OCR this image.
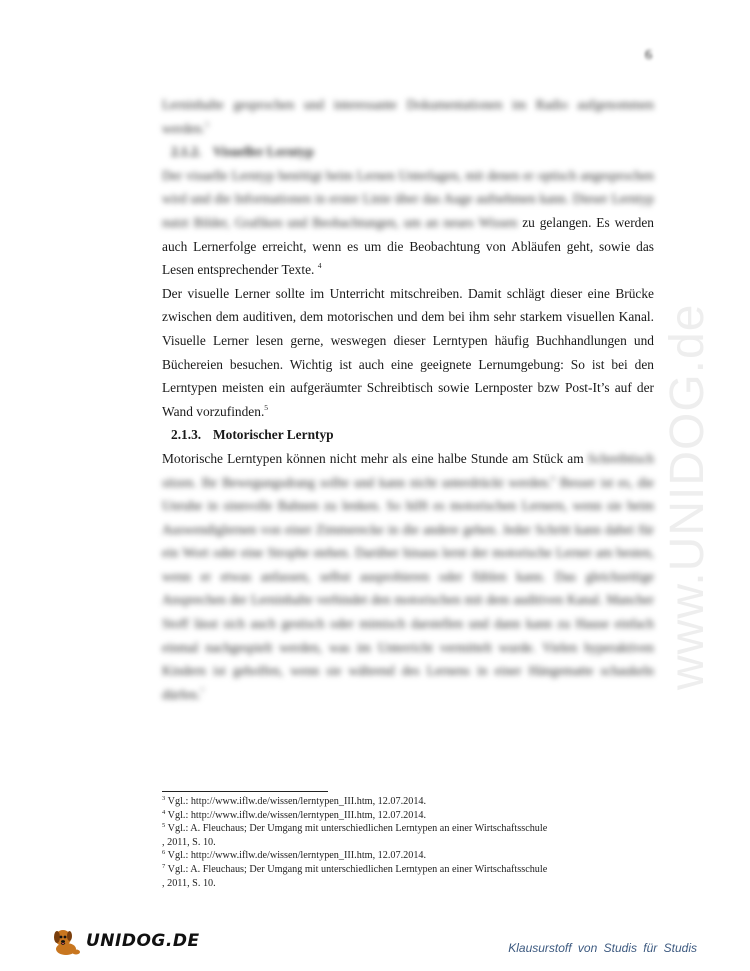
6
www.UNIDOG.de

Lerninhalte gesprochen und interessante Dokumentationen im Radio aufgenommen werden.$^3$

2.1.2. Visueller Lerntyp

Der visuelle Lerntyp benötigt beim Lernen Unterlagen, mit denen er optisch angesprochen wird und die Informationen in erster Linie über das Auge aufnehmen kann. Dieser Lerntyp nutzt Bilder, Grafiken und Beobachtungen, um an neues Wissen zu gelangen. Es werden auch Lernerfolge erreicht, wenn es um die Beobachtung von Abläufen geht, sowie das Lesen entsprechender Texte. $^4$

Der visuelle Lerner sollte im Unterricht mitschreiben. Damit schlägt dieser eine Brücke zwischen dem auditiven, dem motorischen und dem bei ihm sehr starkem visuellen Kanal. Visuelle Lerner lesen gerne, weswegen dieser Lerntypen häufig Buchhandlungen und Büchereien besuchen. Wichtig ist auch eine geeignete Lernumgebung: So ist bei den Lerntypen meisten ein aufgeräumter Schreibtisch sowie Lernposter bzw Post-It’s auf der Wand vorzufinden.$^5$

2.1.3. Motorischer Lerntyp

Motorische Lerntypen können nicht mehr als eine halbe Stunde am Stück am Schreibtisch sitzen. Ihr Bewegungsdrang sollte und kann nicht unterdrückt werden.$^6$ Besser ist es, die Unruhe in sinnvolle Bahnen zu lenken. So hilft es motorischen Lernern, wenn sie beim Auswendiglernen von einer Zimmerecke in die andere gehen. Jeder Schritt kann dabei für ein Wort oder eine Strophe stehen. Darüber hinaus lernt der motorische Lerner am besten, wenn er etwas anfassen, selbst ausprobieren oder fühlen kann. Das gleichzeitige Ansprechen der Lerninhalte verbindet den motorischen mit dem auditiven Kanal. Mancher Stoff lässt sich auch gestisch oder mimisch darstellen und dann kann zu Hause einfach einmal nachgespielt werden, was im Unterricht vermittelt wurde. Vielen hyperaktiven Kindern ist geholfen, wenn sie während des Lernens in einer Hängematte schaukeln dürfen.$^7$

$^3$ Vgl.: http://www.iflw.de/wissen/lerntypen_III.htm, 12.07.2014.
$^4$ Vgl.: http://www.iflw.de/wissen/lerntypen_III.htm, 12.07.2014.
$^5$ Vgl.: A. Fleuchaus; Der Umgang mit unterschiedlichen Lerntypen an einer Wirtschaftsschule
, 2011, S. 10.
$^6$ Vgl.: http://www.iflw.de/wissen/lerntypen_III.htm, 12.07.2014.
$^7$ Vgl.: A. Fleuchaus; Der Umgang mit unterschiedlichen Lerntypen an einer Wirtschaftsschule
, 2011, S. 10.
UNIDOG.DE	Klausurstoff von Studis für Studis
